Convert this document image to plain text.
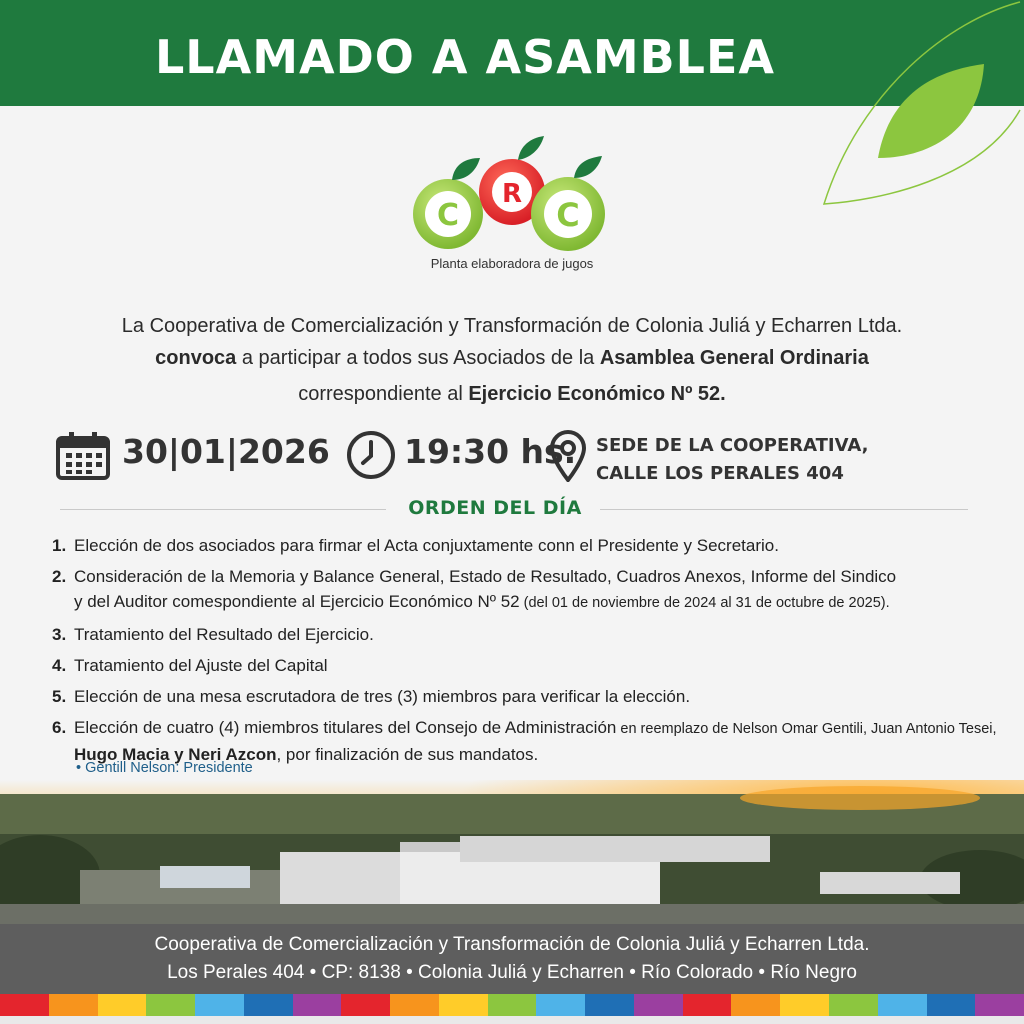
LLAMADO A ASAMBLEA
C
R
C
Planta elaboradora de jugos
La Cooperativa de Comercialización y Transformación de Colonia Juliá y Echarren Ltda.
convoca a participar a todos sus Asociados de la Asamblea General Ordinaria
correspondiente al Ejercicio Económico Nº 52.
30|01|2026 19:30 hs. SEDE DE LA COOPERATIVA,
CALLE LOS PERALES 404
ORDEN DEL DÍA
1. Elección de dos asociados para firmar el Acta conjuxtamente conn el Presidente y Secretario.
2. Consideración de la Memoria y Balance General, Estado de Resultado, Cuadros Anexos, Informe del Sindico
y del Auditor comespondiente al Ejercicio Económico Nº 52 (del 01 de noviembre de 2024 al 31 de octubre de 2025).
3. Tratamiento del Resultado del Ejercicio.
4. Tratamiento del Ajuste del Capital
5. Elección de una mesa escrutadora de tres (3) miembros para verificar la elección.
6. Elección de cuatro (4) miembros titulares del Consejo de Administración en reemplazo de Nelson Omar Gentili, Juan Antonio Tesei,
Hugo Macia y Neri Azcon, por finalización de sus mandatos.
• Gentill Nelson: Presidente
Cooperativa de Comercialización y Transformación de Colonia Juliá y Echarren Ltda.
Los Perales 404 • CP: 8138 • Colonia Juliá y Echarren • Río Colorado • Río Negro
